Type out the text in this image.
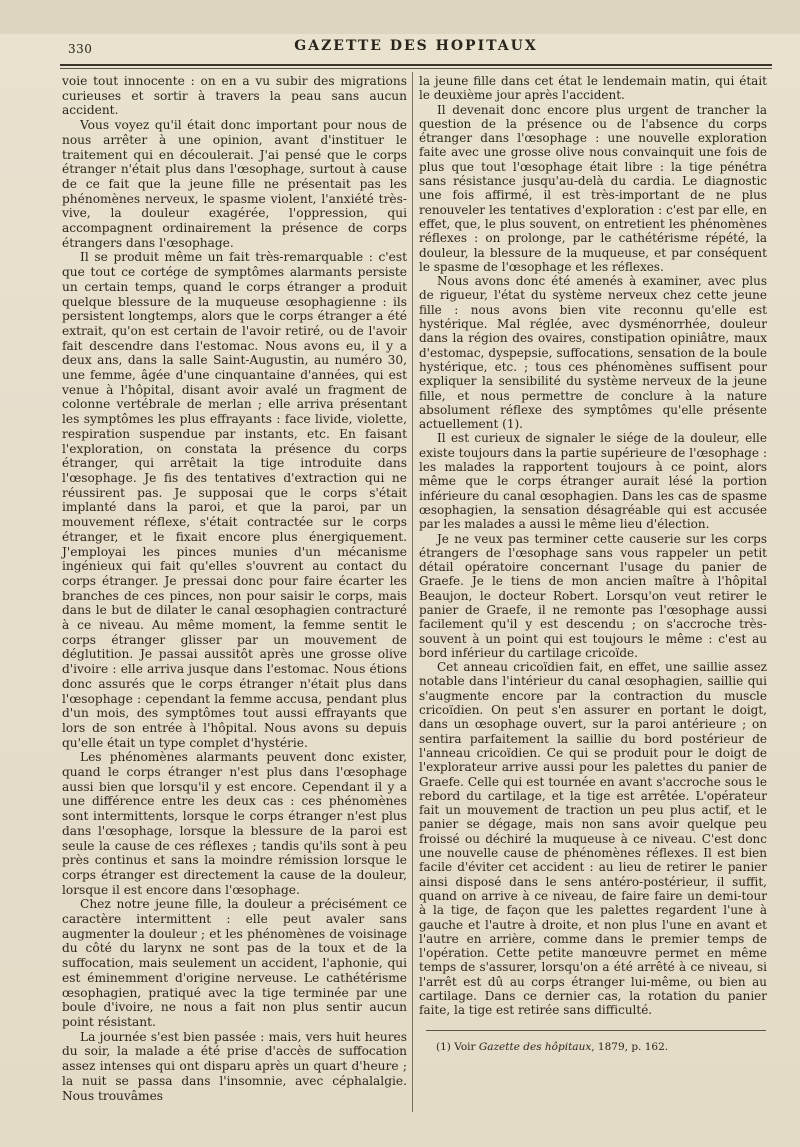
330	GAZETTE DES HOPITAUX

voie tout innocente : on en a vu subir des migrations curieuses et sortir à travers la peau sans aucun accident.

Vous voyez qu'il était donc important pour nous de nous arrêter à une opinion, avant d'instituer le traitement qui en découlerait. J'ai pensé que le corps étranger n'était plus dans l'œsophage, surtout à cause de ce fait que la jeune fille ne présentait pas les phénomènes nerveux, le spasme violent, l'anxiété très-vive, la douleur exagérée, l'oppression, qui accompagnent ordinairement la présence de corps étrangers dans l'œsophage.

Il se produit même un fait très-remarquable : c'est que tout ce cortége de symptômes alarmants persiste un certain temps, quand le corps étranger a produit quelque blessure de la muqueuse œsophagienne : ils persistent longtemps, alors que le corps étranger a été extrait, qu'on est certain de l'avoir retiré, ou de l'avoir fait descendre dans l'estomac. Nous avons eu, il y a deux ans, dans la salle Saint-Augustin, au numéro 30, une femme, âgée d'une cinquantaine d'années, qui est venue à l'hôpital, disant avoir avalé un fragment de colonne vertébrale de merlan ; elle arriva présentant les symptômes les plus effrayants : face livide, violette, respiration suspendue par instants, etc. En faisant l'exploration, on constata la présence du corps étranger, qui arrêtait la tige introduite dans l'œsophage. Je fis des tentatives d'extraction qui ne réussirent pas. Je supposai que le corps s'était implanté dans la paroi, et que la paroi, par un mouvement réflexe, s'était contractée sur le corps étranger, et le fixait encore plus énergiquement. J'employai les pinces munies d'un mécanisme ingénieux qui fait qu'elles s'ouvrent au contact du corps étranger. Je pressai donc pour faire écarter les branches de ces pinces, non pour saisir le corps, mais dans le but de dilater le canal œsophagien contracturé à ce niveau. Au même moment, la femme sentit le corps étranger glisser par un mouvement de déglutition. Je passai aussitôt après une grosse olive d'ivoire : elle arriva jusque dans l'estomac. Nous étions donc assurés que le corps étranger n'était plus dans l'œsophage : cependant la femme accusa, pendant plus d'un mois, des symptômes tout aussi effrayants que lors de son entrée à l'hôpital. Nous avons su depuis qu'elle était un type complet d'hystérie.

Les phénomènes alarmants peuvent donc exister, quand le corps étranger n'est plus dans l'œsophage aussi bien que lorsqu'il y est encore. Cependant il y a une différence entre les deux cas : ces phénomènes sont intermittents, lorsque le corps étranger n'est plus dans l'œsophage, lorsque la blessure de la paroi est seule la cause de ces réflexes ; tandis qu'ils sont à peu près continus et sans la moindre rémission lorsque le corps étranger est directement la cause de la douleur, lorsque il est encore dans l'œsophage.

Chez notre jeune fille, la douleur a précisément ce caractère intermittent : elle peut avaler sans augmenter la douleur ; et les phénomènes de voisinage du côté du larynx ne sont pas de la toux et de la suffocation, mais seulement un accident, l'aphonie, qui est éminemment d'origine nerveuse. Le cathétérisme œsophagien, pratiqué avec la tige terminée par une boule d'ivoire, ne nous a fait non plus sentir aucun point résistant.

La journée s'est bien passée : mais, vers huit heures du soir, la malade a été prise d'accès de suffocation assez intenses qui ont disparu après un quart d'heure ; la nuit se passa dans l'insomnie, avec céphalalgie. Nous trouvâmes

la jeune fille dans cet état le lendemain matin, qui était le deuxième jour après l'accident.

Il devenait donc encore plus urgent de trancher la question de la présence ou de l'absence du corps étranger dans l'œsophage : une nouvelle exploration faite avec une grosse olive nous convainquit une fois de plus que tout l'œsophage était libre : la tige pénétra sans résistance jusqu'au-delà du cardia. Le diagnostic une fois affirmé, il est très-important de ne plus renouveler les tentatives d'exploration : c'est par elle, en effet, que, le plus souvent, on entretient les phénomènes réflexes : on prolonge, par le cathétérisme répété, la douleur, la blessure de la muqueuse, et par conséquent le spasme de l'œsophage et les réflexes.

Nous avons donc été amenés à examiner, avec plus de rigueur, l'état du système nerveux chez cette jeune fille : nous avons bien vite reconnu qu'elle est hystérique. Mal réglée, avec dysménorrhée, douleur dans la région des ovaires, constipation opiniâtre, maux d'estomac, dyspepsie, suffocations, sensation de la boule hystérique, etc. ; tous ces phénomènes suffisent pour expliquer la sensibilité du système nerveux de la jeune fille, et nous permettre de conclure à la nature absolument réflexe des symptômes qu'elle présente actuellement (1).

Il est curieux de signaler le siége de la douleur, elle existe toujours dans la partie supérieure de l'œsophage : les malades la rapportent toujours à ce point, alors même que le corps étranger aurait lésé la portion inférieure du canal œsophagien. Dans les cas de spasme œsophagien, la sensation désagréable qui est accusée par les malades a aussi le même lieu d'élection.

Je ne veux pas terminer cette causerie sur les corps étrangers de l'œsophage sans vous rappeler un petit détail opératoire concernant l'usage du panier de Graefe. Je le tiens de mon ancien maître à l'hôpital Beaujon, le docteur Robert. Lorsqu'on veut retirer le panier de Graefe, il ne remonte pas l'œsophage aussi facilement qu'il y est descendu ; on s'accroche très-souvent à un point qui est toujours le même : c'est au bord inférieur du cartilage cricoïde.

Cet anneau cricoïdien fait, en effet, une saillie assez notable dans l'intérieur du canal œsophagien, saillie qui s'augmente encore par la contraction du muscle cricoïdien. On peut s'en assurer en portant le doigt, dans un œsophage ouvert, sur la paroi antérieure ; on sentira parfaitement la saillie du bord postérieur de l'anneau cricoïdien. Ce qui se produit pour le doigt de l'explorateur arrive aussi pour les palettes du panier de Graefe. Celle qui est tournée en avant s'accroche sous le rebord du cartilage, et la tige est arrêtée. L'opérateur fait un mouvement de traction un peu plus actif, et le panier se dégage, mais non sans avoir quelque peu froissé ou déchiré la muqueuse à ce niveau. C'est donc une nouvelle cause de phénomènes réflexes. Il est bien facile d'éviter cet accident : au lieu de retirer le panier ainsi disposé dans le sens antéro-postérieur, il suffit, quand on arrive à ce niveau, de faire faire un demi-tour à la tige, de façon que les palettes regardent l'une à gauche et l'autre à droite, et non plus l'une en avant et l'autre en arrière, comme dans le premier temps de l'opération. Cette petite manœuvre permet en même temps de s'assurer, lorsqu'on a été arrêté à ce niveau, si l'arrêt est dû au corps étranger lui-même, ou bien au cartilage. Dans ce dernier cas, la rotation du panier faite, la tige est retirée sans difficulté.

(1) Voir Gazette des hôpitaux, 1879, p. 162.
